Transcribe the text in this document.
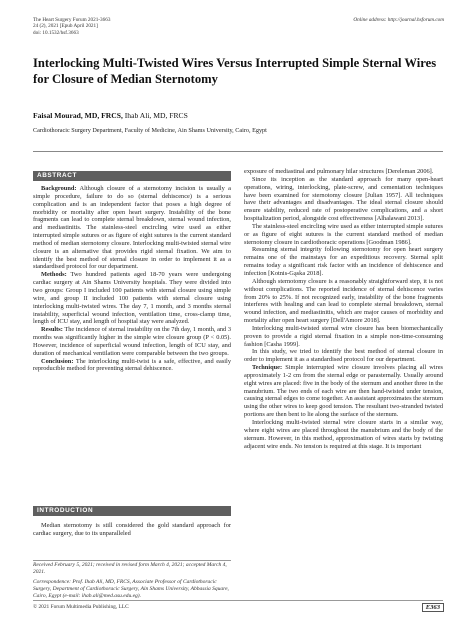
The Heart Surgery Forum 2021-3663
24 (2), 2021 [Epub April 2021]
doi: 10.1532/hsf.3663
Online address: http://journal.hsforum.com
Interlocking Multi-Twisted Wires Versus Interrupted Simple Sternal Wires for Closure of Median Sternotomy
Faisal Mourad, MD, FRCS, Ihab Ali, MD, FRCS
Cardiothoracic Surgery Department, Faculty of Medicine, Ain Shams University, Cairo, Egypt
ABSTRACT

Background: Although closure of a sternotomy incision is usually a simple procedure, failure to do so (sternal dehiscence) is a serious complication and is an independent factor that poses a high degree of morbidity or mortality after open heart surgery. Instability of the bone fragments can lead to complete sternal breakdown, sternal wound infection, and mediastinitis. The stainless-steel encircling wire used as either interrupted simple sutures or as figure of eight sutures is the current standard method of median sternotomy closure. Interlocking multi-twisted sternal wire closure is an alternative that provides rigid sternal fixation. We aim to identify the best method of sternal closure in order to implement it as a standardised protocol for our department.

Methods: Two hundred patients aged 18-70 years were undergoing cardiac surgery at Ain Shams University hospitals. They were divided into two groups: Group I included 100 patients with sternal closure using simple wire, and group II included 100 patients with sternal closure using interlocking multi-twisted wires. The day 7, 1 month, and 3 months sternal instability, superficial wound infection, ventilation time, cross-clamp time, length of ICU stay, and length of hospital stay were analyzed.

Results: The incidence of sternal instability on the 7th day, 1 month, and 3 months was significantly higher in the simple wire closure group (P < 0.05). However, incidence of superficial wound infection, length of ICU stay, and duration of mechanical ventilation were comparable between the two groups.

Conclusion: The interlocking multi-twist is a safe, effective, and easily reproducible method for preventing sternal dehiscence.

INTRODUCTION

Median sternotomy is still considered the gold standard approach for cardiac surgery, due to its unparalleled

Received February 5, 2021; received in revised form March 4, 2021; accepted March 4, 2021.
Correspondence: Prof. Ihab Ali, MD, FRCS, Associate Professor of Cardiothoracic Surgery, Department of Cardiothoracic Surgery, Ain Shams University, Abbassia Square, Cairo, Egypt (e-mail: ihab.ali@med.asu.edu.eg).

exposure of mediastinal and pulmonary hilar structures [Dereleman 2006].

Since its inception as the standard approach for many open-heart operations, wiring, interlocking, plate-screw, and cementation techniques have been examined for sternotomy closure [Julian 1957]. All techniques have their advantages and disadvantages. The ideal sternal closure should ensure stability, reduced rate of postoperative complications, and a short hospitalization period, alongside cost effectiveness [Alhalawani 2013].

The stainless-steel encircling wire used as either interrupted simple sutures or as figure of eight sutures is the current standard method of median sternotomy closure in cardiothoracic operations [Goodman 1986].

Resuming sternal integrity following sternotomy for open heart surgery remains one of the mainstays for an expeditious recovery. Sternal split remains today a significant risk factor with an incidence of dehiscence and infection [Kotnis-Gąska 2018].

Although sternotomy closure is a reasonably straightforward step, it is not without complications. The reported incidence of sternal dehiscence varies from 20% to 25%. If not recognized early, instability of the bone fragments interferes with healing and can lead to complete sternal breakdown, sternal wound infection, and mediastinitis, which are major causes of morbidity and mortality after open heart surgery [Dell'Amore 2018].

Interlocking multi-twisted sternal wire closure has been biomechanically proven to provide a rigid sternal fixation in a simple non-time-consuming fashion [Casha 1999].

In this study, we tried to identify the best method of sternal closure in order to implement it as a standardised protocol for our department.

Technique: Simple interrupted wire closure involves placing all wires approximately 1-2 cm from the sternal edge or parasternally. Usually around eight wires are placed: five in the body of the sternum and another three in the manubrium. The two ends of each wire are then hand-twisted under tension, causing sternal edges to come together. An assistant approximates the sternum using the other wires to keep good tension. The resultant two-stranded twisted portions are then bent to lie along the surface of the sternum.

Interlocking multi-twisted sternal wire closure starts in a similar way, where eight wires are placed throughout the manubrium and the body of the sternum. However, in this method, approximation of wires starts by twisting adjacent wire ends. No tension is required at this stage. It is important

© 2021 Forum Multimedia Publishing, LLC	E363
